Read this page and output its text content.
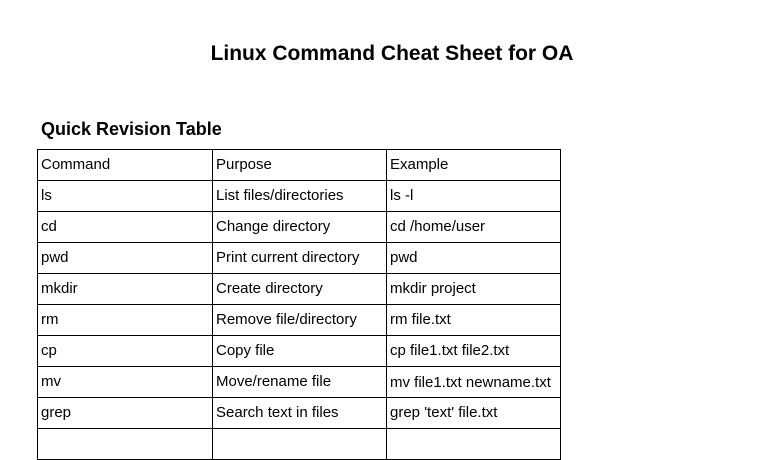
Linux Command Cheat Sheet for OA
Quick Revision Table
Command	Purpose	Example
ls	List files/directories	ls -l
cd	Change directory	cd /home/user
pwd	Print current directory	pwd
mkdir	Create directory	mkdir project
rm	Remove file/directory	rm file.txt
cp	Copy file	cp file1.txt file2.txt
mv	Move/rename file	mv file1.txt newname.txt
grep	Search text in files	grep 'text' file.txt
